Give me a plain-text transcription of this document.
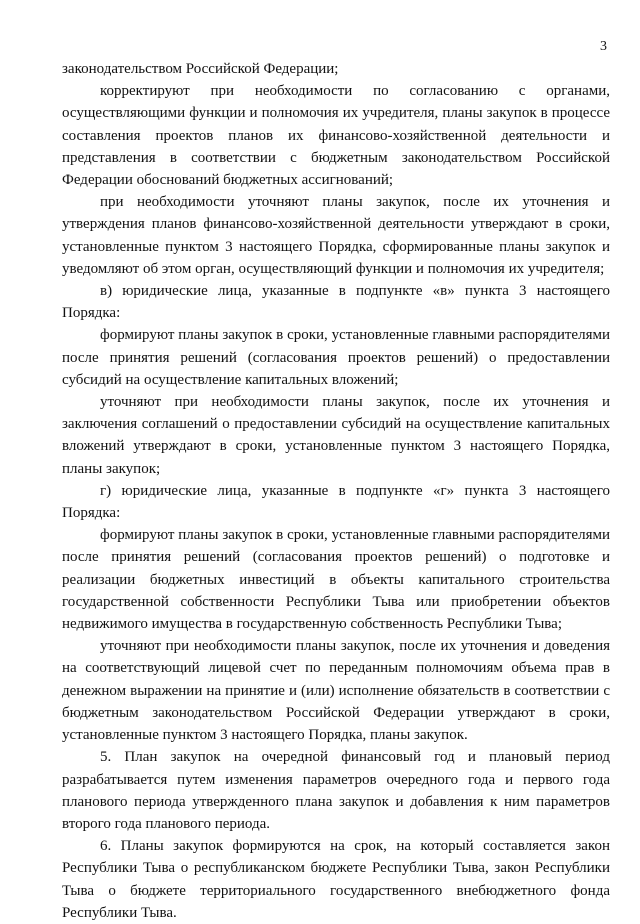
3

законодательством Российской Федерации;

корректируют при необходимости по согласованию с органами, осуществляющими функции и полномочия их учредителя, планы закупок в процессе составления проектов планов их финансово-хозяйственной деятельности и представления в соответствии с бюджетным законодательством Российской Федерации обоснований бюджетных ассигнований;

при необходимости уточняют планы закупок, после их уточнения и утверждения планов финансово-хозяйственной деятельности утверждают в сроки, установленные пунктом 3 настоящего Порядка, сформированные планы закупок и уведомляют об этом орган, осуществляющий функции и полномочия их учредителя;

в) юридические лица, указанные в подпункте «в» пункта 3 настоящего Порядка:

формируют планы закупок в сроки, установленные главными распорядителями после принятия решений (согласования проектов решений) о предоставлении субсидий на осуществление капитальных вложений;

уточняют при необходимости планы закупок, после их уточнения и заключения соглашений о предоставлении субсидий на осуществление капитальных вложений утверждают в сроки, установленные пунктом 3 настоящего Порядка, планы закупок;

г) юридические лица, указанные в подпункте «г» пункта 3 настоящего Порядка:

формируют планы закупок в сроки, установленные главными распорядителями после принятия решений (согласования проектов решений) о подготовке и реализации бюджетных инвестиций в объекты капитального строительства государственной собственности Республики Тыва или приобретении объектов недвижимого имущества в государственную собственность Республики Тыва;

уточняют при необходимости планы закупок, после их уточнения и доведения на соответствующий лицевой счет по переданным полномочиям объема прав в денежном выражении на принятие и (или) исполнение обязательств в соответствии с бюджетным законодательством Российской Федерации утверждают в сроки, установленные пунктом 3 настоящего Порядка, планы закупок.

5. План закупок на очередной финансовый год и плановый период разрабатывается путем изменения параметров очередного года и первого года планового периода утвержденного плана закупок и добавления к ним параметров второго года планового периода.

6. Планы закупок формируются на срок, на который составляется закон Республики Тыва о республиканском бюджете Республики Тыва, закон Республики Тыва о бюджете территориального государственного внебюджетного фонда Республики Тыва.
